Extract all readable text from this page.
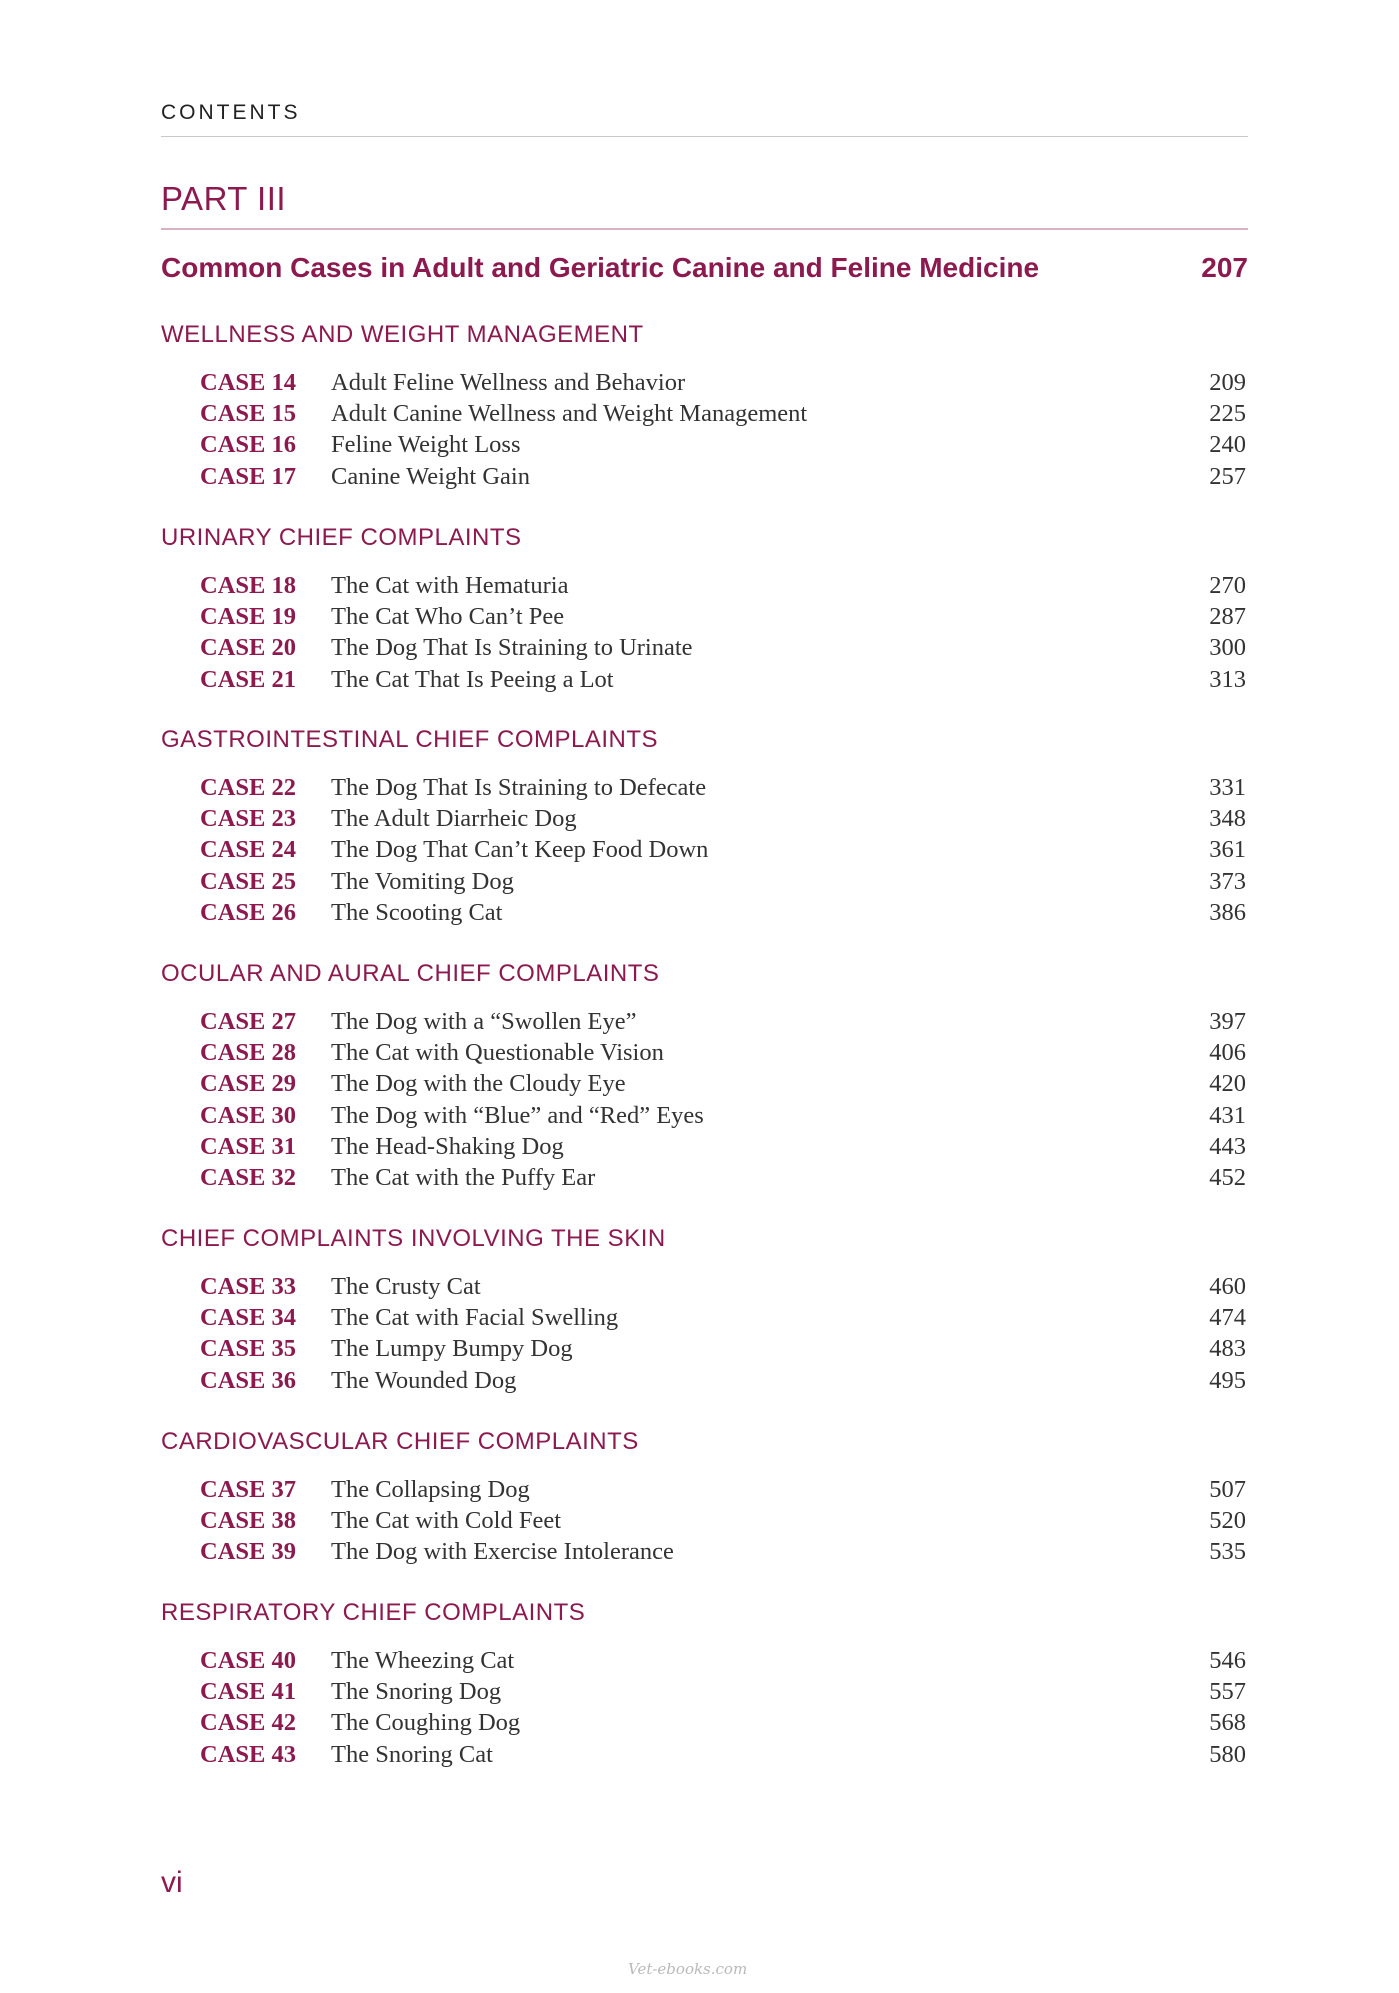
CONTENTS
PART III
Common Cases in Adult and Geriatric Canine and Feline Medicine	207
WELLNESS AND WEIGHT MANAGEMENT
CASE 14 Adult Feline Wellness and Behavior	209
CASE 15 Adult Canine Wellness and Weight Management	225
CASE 16 Feline Weight Loss	240
CASE 17 Canine Weight Gain	257
URINARY CHIEF COMPLAINTS
CASE 18 The Cat with Hematuria	270
CASE 19 The Cat Who Can’t Pee	287
CASE 20 The Dog That Is Straining to Urinate	300
CASE 21 The Cat That Is Peeing a Lot	313
GASTROINTESTINAL CHIEF COMPLAINTS
CASE 22 The Dog That Is Straining to Defecate	331
CASE 23 The Adult Diarrheic Dog	348
CASE 24 The Dog That Can’t Keep Food Down	361
CASE 25 The Vomiting Dog	373
CASE 26 The Scooting Cat	386
OCULAR AND AURAL CHIEF COMPLAINTS
CASE 27 The Dog with a “Swollen Eye”	397
CASE 28 The Cat with Questionable Vision	406
CASE 29 The Dog with the Cloudy Eye	420
CASE 30 The Dog with “Blue” and “Red” Eyes	431
CASE 31 The Head-Shaking Dog	443
CASE 32 The Cat with the Puffy Ear	452
CHIEF COMPLAINTS INVOLVING THE SKIN
CASE 33 The Crusty Cat	460
CASE 34 The Cat with Facial Swelling	474
CASE 35 The Lumpy Bumpy Dog	483
CASE 36 The Wounded Dog	495
CARDIOVASCULAR CHIEF COMPLAINTS
CASE 37 The Collapsing Dog	507
CASE 38 The Cat with Cold Feet	520
CASE 39 The Dog with Exercise Intolerance	535
RESPIRATORY CHIEF COMPLAINTS
CASE 40 The Wheezing Cat	546
CASE 41 The Snoring Dog	557
CASE 42 The Coughing Dog	568
CASE 43 The Snoring Cat	580
vi
Vet-ebooks.com
